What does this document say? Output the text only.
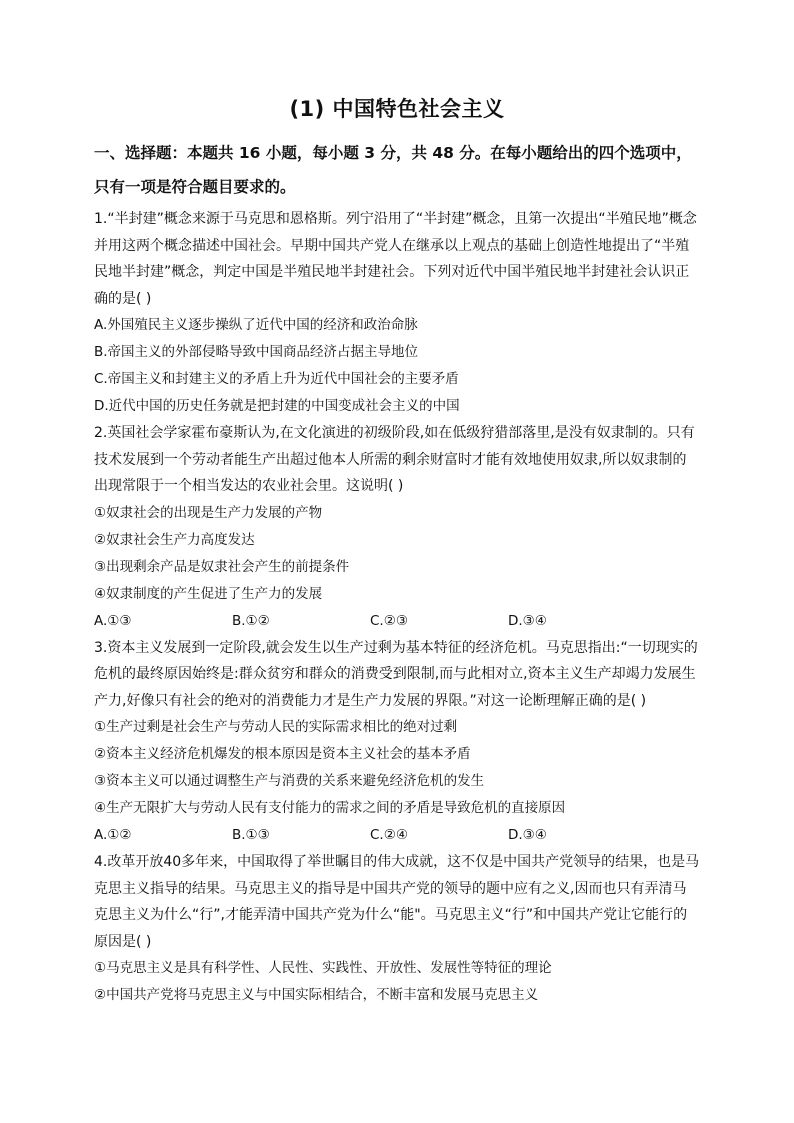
(1) 中国特色社会主义
一、选择题：本题共 16 小题，每小题 3 分，共 48 分。在每小题给出的四个选项中，
只有一项是符合题目要求的。

1.“半封建”概念来源于马克思和恩格斯。列宁沿用了“半封建”概念，且第一次提出“半殖民地”概念并用这两个概念描述中国社会。早期中国共产党人在继承以上观点的基础上创造性地提出了“半殖民地半封建”概念，判定中国是半殖民地半封建社会。下列对近代中国半殖民地半封建社会认识正确的是( )

A.外国殖民主义逐步操纵了近代中国的经济和政治命脉
B.帝国主义的外部侵略导致中国商品经济占据主导地位
C.帝国主义和封建主义的矛盾上升为近代中国社会的主要矛盾
D.近代中国的历史任务就是把封建的中国变成社会主义的中国

2.英国社会学家霍布豪斯认为,在文化演进的初级阶段,如在低级狩猎部落里,是没有奴隶制的。只有技术发展到一个劳动者能生产出超过他本人所需的剩余财富时才能有效地使用奴隶,所以奴隶制的出现常限于一个相当发达的农业社会里。这说明( )

①奴隶社会的出现是生产力发展的产物
②奴隶社会生产力高度发达
③出现剩余产品是奴隶社会产生的前提条件
④奴隶制度的产生促进了生产力的发展
A.①③	B.①②	C.②③	D.③④

3.资本主义发展到一定阶段,就会发生以生产过剩为基本特征的经济危机。马克思指出:“一切现实的危机的最终原因始终是:群众贫穷和群众的消费受到限制,而与此相对立,资本主义生产却竭力发展生产力,好像只有社会的绝对的消费能力才是生产力发展的界限。”对这一论断理解正确的是( )

①生产过剩是社会生产与劳动人民的实际需求相比的绝对过剩
②资本主义经济危机爆发的根本原因是资本主义社会的基本矛盾
③资本主义可以通过调整生产与消费的关系来避免经济危机的发生
④生产无限扩大与劳动人民有支付能力的需求之间的矛盾是导致危机的直接原因
A.①②	B.①③	C.②④	D.③④

4.改革开放40多年来，中国取得了举世瞩目的伟大成就，这不仅是中国共产党领导的结果，也是马克思主义指导的结果。马克思主义的指导是中国共产党的领导的题中应有之义,因而也只有弄清马克思主义为什么“行”,才能弄清中国共产党为什么“能"。马克思主义“行”和中国共产党让它能行的原因是( )

①马克思主义是具有科学性、人民性、实践性、开放性、发展性等特征的理论
②中国共产党将马克思主义与中国实际相结合，不断丰富和发展马克思主义
